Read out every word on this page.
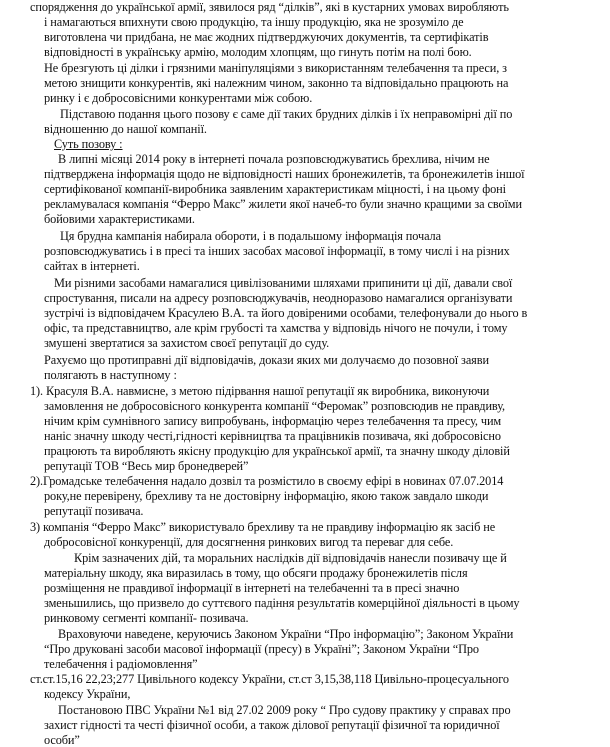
спорядження до української армії, зявилося ряд “ділків”, які в кустарних умовах виробляють
і намагаються впихнути свою продукцію, та іншу продукцію, яка не зрозуміло де
виготовлена чи придбана, не має жодних підтверджуючих документів, та сертифікатів
відповідності в українську армію, молодим хлопцям, що гинуть потім на полі бою.
Не брезгують ці ділки і грязними маніпуляціями з використанням телебачення та преси, з
метою знищити конкурентів, які належним чином, законно та відповідально працюють на
ринку і є добросовісними конкурентами між собою.
Підставою подання цього позову є саме дії таких брудних ділків і їх неправомірні дії по
відношенню до нашої компанії.
Суть позову :
В липні місяці 2014 року в інтернеті почала розповсюджуватись брехлива, нічим не
підтверджена інформація щодо не відповідності наших бронежилетів, та бронежилетів іншої
сертифікованої компанії-виробника заявленим характеристикам міцності, і на цьому фоні
рекламувалася компанія “Ферро Макс” жилети якої начеб-то були значно кращими за своїми
бойовими характеристиками.
Ця брудна кампанія набирала обороти, і в подальшому інформація почала
розповсюджуватись і в пресі та інших засобах масової інформації, в тому числі і на різних
сайтах в інтернеті.
Ми різними засобами намагалися цивілізованими шляхами припинити ці дії, давали свої
спростування, писали на адресу розповсюджувачів, неодноразово намагалися організувати
зустрічі із відповідачем Красулею В.А. та його довіреними особами, телефонували до нього в
офіс, та представництво, але крім грубості та хамства у відповідь нічого не почули, і тому
змушені звертатися за захистом своєї репутації до суду.
Рахуємо що протиправні дії відповідачів, докази яких ми долучаємо до позовної заяви
полягають в наступному :
1). Красуля В.А. навмисне, з метою підірвання нашої репутації як виробника, виконуючи
замовлення не добросовісного конкурента компанії “Феромак” розповсюдив не правдиву,
нічим крім сумнівного запису випробувань, інформацію через телебачення та пресу, чим
наніс значну шкоду честі,гідності керівництва та працівників позивача, які добросовісно
працюють та виробляють якісну продукцію для української армії, та значну шкоду діловій
репутації ТОВ “Весь мир бронедверей”
2).Громадське телебачення надало дозвіл та розмістило в своєму ефірі в новинах 07.07.2014
року,не перевірену, брехливу та не достовірну інформацію, якою також завдало шкоди
репутації позивача.
3) компанія “Ферро Макс” використувало брехливу та не правдиву інформацію як засіб не
добросовісної конкуренції, для досягнення ринкових вигод та переваг для себе.
Крім зазначених дій, та моральних наслідків дії відповідачів нанесли позивачу ще й
матеріальну шкоду, яка виразилась в тому, що обсяги продажу бронежилетів після
розміщення не правдивої інформації в інтернеті на телебаченні та в пресі значно
зменьшились, що призвело до суттєвого падіння результатів комерційної діяльності в цьому
ринковому сегменті компанії- позивача.
Враховуючи наведене, керуючись Законом України “Про інформацію”; Законом України
“Про друковані засоби масової інформації (пресу) в Україні”; Законом України “Про
телебачення і радіомовлення”
ст.ст.15,16 22,23;277 Цивільного кодексу України, ст.ст 3,15,38,118 Цивільно-процесуального
кодексу України,
Постановою ПВС України №1 від 27.02 2009 року “ Про судову практику у справах про
захист гідності та честі фізичної особи, а також ділової репутації фізичної та юридичної
особи”
